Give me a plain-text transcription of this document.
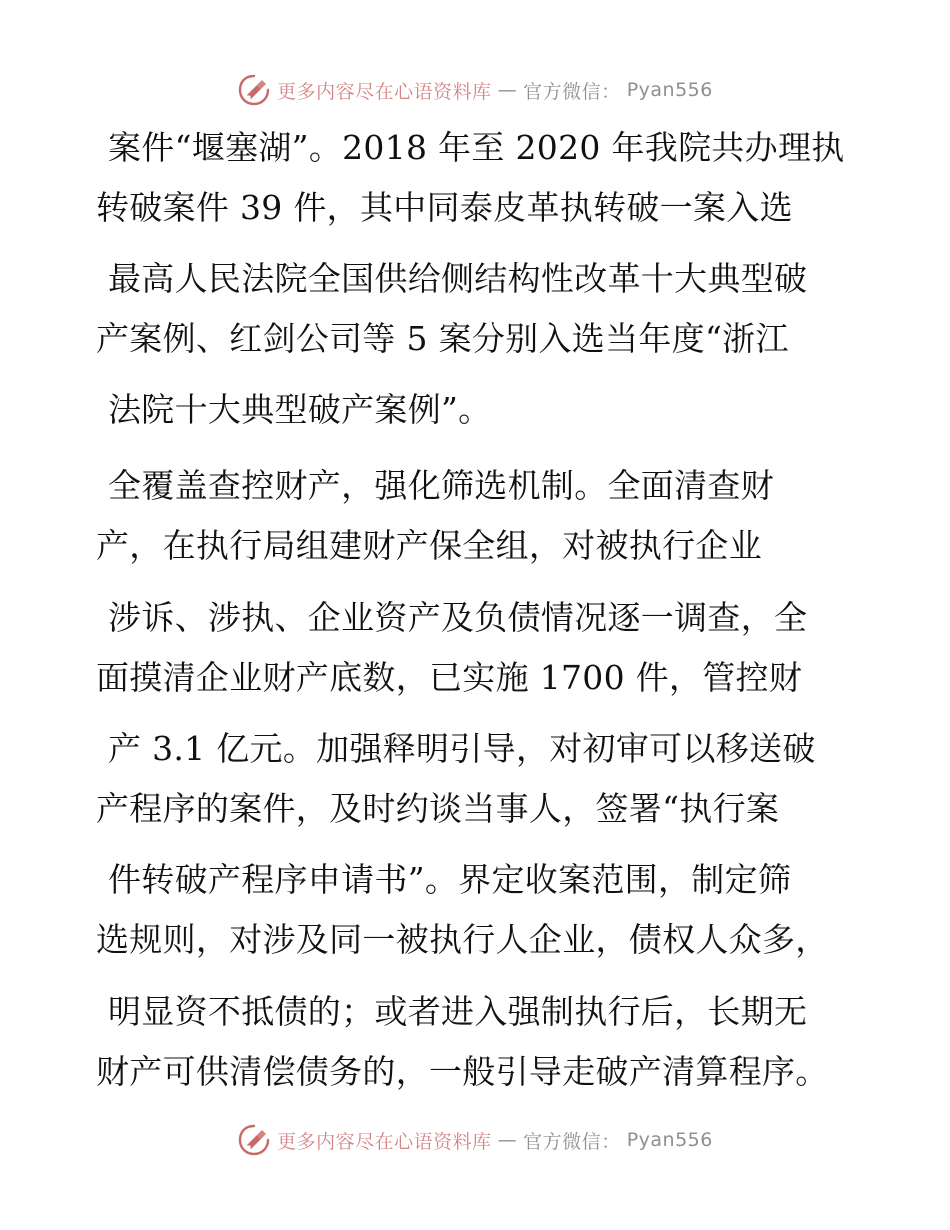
更多内容尽在心语资料库 — 官方微信： Pyan556
案件“堰塞湖”。2018 年至 2020 年我院共办理执
转破案件 39 件，其中同泰皮革执转破一案入选
最高人民法院全国供给侧结构性改革十大典型破
产案例、红剑公司等 5 案分别入选当年度“浙江
法院十大典型破产案例”。
全覆盖查控财产，强化筛选机制。全面清查财
产，在执行局组建财产保全组，对被执行企业
涉诉、涉执、企业资产及负债情况逐一调查，全
面摸清企业财产底数，已实施 1700 件，管控财
产 3.1 亿元。加强释明引导，对初审可以移送破
产程序的案件，及时约谈当事人，签署“执行案
件转破产程序申请书”。界定收案范围，制定筛
选规则，对涉及同一被执行人企业，债权人众多，
明显资不抵债的；或者进入强制执行后，长期无
财产可供清偿债务的，一般引导走破产清算程序。
更多内容尽在心语资料库 — 官方微信： Pyan556
